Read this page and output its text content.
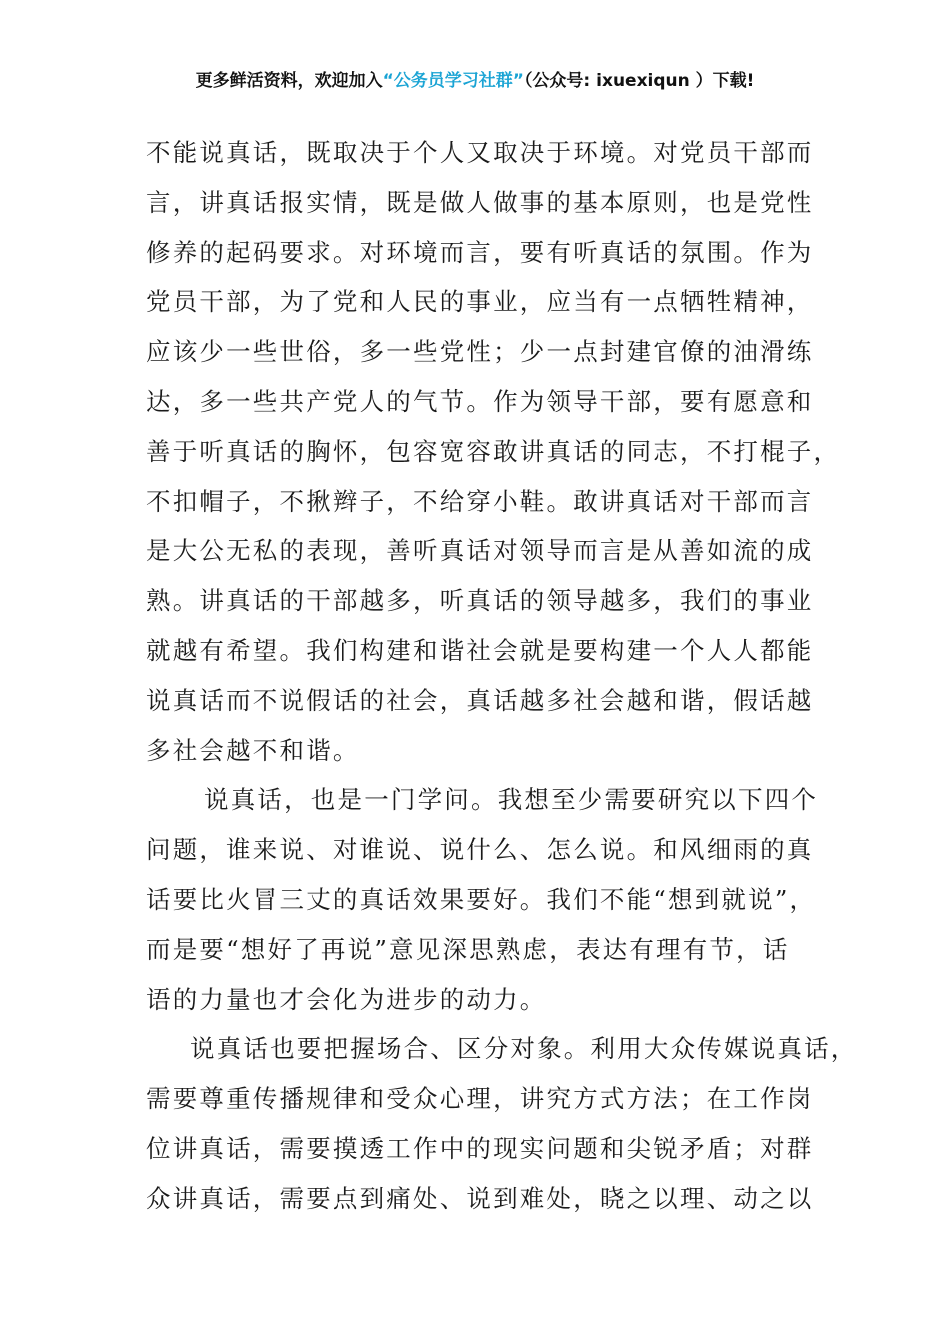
更多鲜活资料，欢迎加入“公务员学习社群”（公众号: ixuexiqun ）下载!
不能说真话，既取决于个人又取决于环境。对党员干部而
言，讲真话报实情，既是做人做事的基本原则，也是党性
修养的起码要求。对环境而言，要有听真话的氛围。作为
党员干部，为了党和人民的事业，应当有一点牺牲精神，
应该少一些世俗，多一些党性；少一点封建官僚的油滑练
达，多一些共产党人的气节。作为领导干部，要有愿意和
善于听真话的胸怀，包容宽容敢讲真话的同志，不打棍子，
不扣帽子，不揪辫子，不给穿小鞋。敢讲真话对干部而言
是大公无私的表现，善听真话对领导而言是从善如流的成
熟。讲真话的干部越多，听真话的领导越多，我们的事业
就越有希望。我们构建和谐社会就是要构建一个人人都能
说真话而不说假话的社会，真话越多社会越和谐，假话越
多社会越不和谐。
说真话，也是一门学问。我想至少需要研究以下四个
问题，谁来说、对谁说、说什么、怎么说。和风细雨的真
话要比火冒三丈的真话效果要好。我们不能“想到就说”，
而是要“想好了再说”意见深思熟虑，表达有理有节，话
语的力量也才会化为进步的动力。
说真话也要把握场合、区分对象。利用大众传媒说真话，
需要尊重传播规律和受众心理，讲究方式方法；在工作岗
位讲真话，需要摸透工作中的现实问题和尖锐矛盾；对群
众讲真话，需要点到痛处、说到难处，晓之以理、动之以
